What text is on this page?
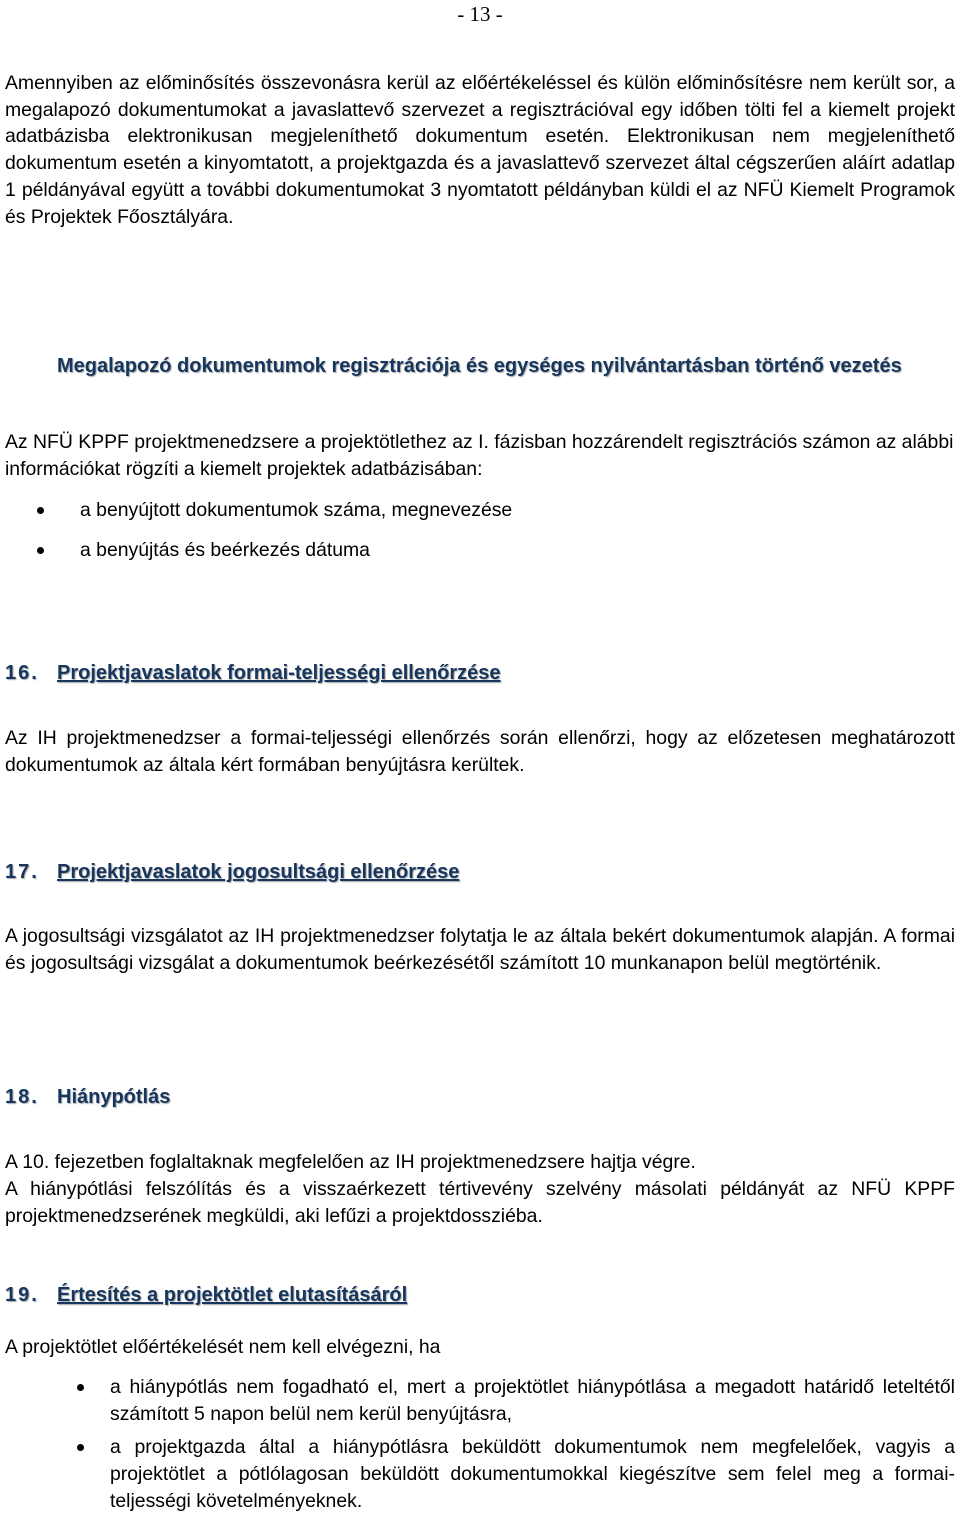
- 13 -

Amennyiben az előminősítés összevonásra kerül az előértékeléssel és külön előminősítésre nem került sor, a megalapozó dokumentumokat a javaslattevő szervezet a regisztrációval egy időben tölti fel a kiemelt projekt adatbázisba elektronikusan megjeleníthető dokumentum esetén. Elektronikusan nem megjeleníthető dokumentum esetén a kinyomtatott, a projektgazda és a javaslattevő szervezet által cégszerűen aláírt adatlap 1 példányával együtt a további dokumentumokat 3 nyomtatott példányban küldi el az NFÜ Kiemelt Programok és Projektek Főosztályára.

Megalapozó dokumentumok regisztrációja és egységes nyilvántartásban történő vezetés

Az NFÜ KPPF projektmenedzsere a projektötlethez az I. fázisban hozzárendelt regisztrációs számon az alábbi információkat rögzíti a kiemelt projektek adatbázisában:

a benyújtott dokumentumok száma, megnevezése
a benyújtás és beérkezés dátuma
16. Projektjavaslatok formai-teljességi ellenőrzése

Az IH projektmenedzser a formai-teljességi ellenőrzés során ellenőrzi, hogy az előzetesen meghatározott dokumentumok az általa kért formában benyújtásra kerültek.

17. Projektjavaslatok jogosultsági ellenőrzése

A jogosultsági vizsgálatot az IH projektmenedzser folytatja le az általa bekért dokumentumok alapján. A formai és jogosultsági vizsgálat a dokumentumok beérkezésétől számított 10 munkanapon belül megtörténik.

18. Hiánypótlás

A 10. fejezetben foglaltaknak megfelelően az IH projektmenedzsere hajtja végre.

A hiánypótlási felszólítás és a visszaérkezett tértivevény szelvény másolati példányát az NFÜ KPPF projektmenedzserének megküldi, aki lefűzi a projektdossziéba.

19. Értesítés a projektötlet elutasításáról

A projektötlet előértékelését nem kell elvégezni, ha

a hiánypótlás nem fogadható el, mert a projektötlet hiánypótlása a megadott határidő leteltétől számított 5 napon belül nem kerül benyújtásra,
a projektgazda által a hiánypótlásra beküldött dokumentumok nem megfelelőek, vagyis a projektötlet a pótlólagosan beküldött dokumentumokkal kiegészítve sem felel meg a formai-teljességi követelményeknek.
